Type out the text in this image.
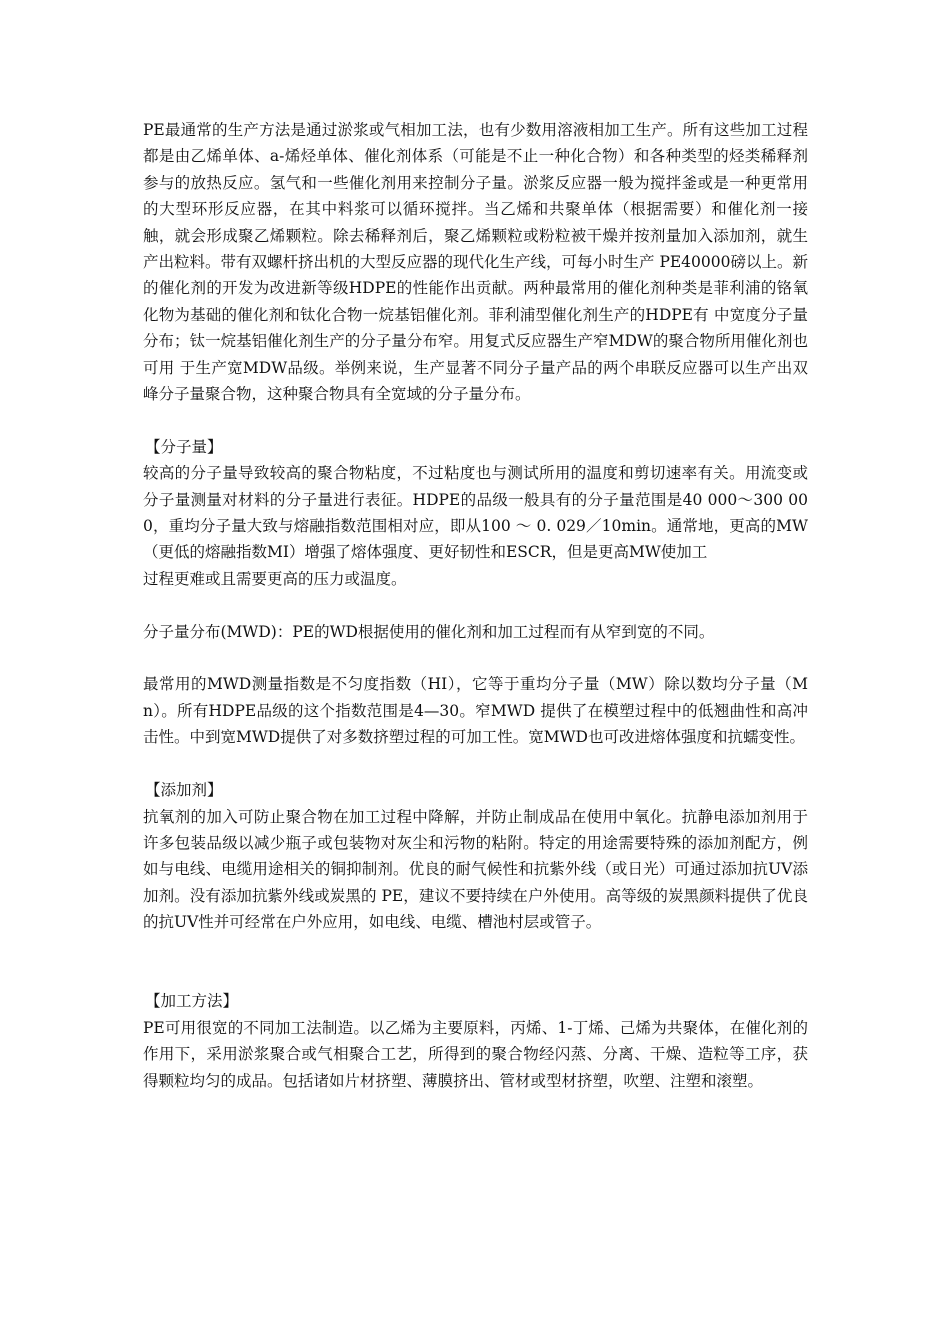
PE最通常的生产方法是通过淤浆或气相加工法，也有少数用溶液相加工生产。所有这些加工过程都是由乙烯单体、a-烯烃单体、催化剂体系（可能是不止一种化合物）和各种类型的烃类稀释剂参与的放热反应。氢气和一些催化剂用来控制分子量。淤浆反应器一般为搅拌釜或是一种更常用的大型环形反应器，在其中料浆可以循环搅拌。当乙烯和共聚单体（根据需要）和催化剂一接触，就会形成聚乙烯颗粒。除去稀释剂后，聚乙烯颗粒或粉粒被干燥并按剂量加入添加剂，就生产出粒料。带有双螺杆挤出机的大型反应器的现代化生产线，可每小时生产 PE40000磅以上。新的催化剂的开发为改进新等级HDPE的性能作出贡献。两种最常用的催化剂种类是菲利浦的铬氧化物为基础的催化剂和钛化合物一烷基铝催化剂。菲利浦型催化剂生产的HDPE有 中宽度分子量分布；钛一烷基铝催化剂生产的分子量分布窄。用复式反应器生产窄MDW的聚合物所用催化剂也可用 于生产宽MDW品级。举例来说，生产显著不同分子量产品的两个串联反应器可以生产出双峰分子量聚合物，这种聚合物具有全宽域的分子量分布。

【分子量】

较高的分子量导致较高的聚合物粘度，不过粘度也与测试所用的温度和剪切速率有关。用流变或分子量测量对材料的分子量进行表征。HDPE的品级一般具有的分子量范围是40 000～300 000，重均分子量大致与熔融指数范围相对应，即从100 ～ 0. 029／10min。通常地，更高的MW（更低的熔融指数MI）增强了熔体强度、更好韧性和ESCR，但是更高MW使加工

过程更难或且需要更高的压力或温度。

分子量分布(MWD)：PE的WD根据使用的催化剂和加工过程而有从窄到宽的不同。

最常用的MWD测量指数是不匀度指数（HI），它等于重均分子量（MW）除以数均分子量（Mn）。所有HDPE品级的这个指数范围是4—30。窄MWD 提供了在模塑过程中的低翘曲性和高冲击性。中到宽MWD提供了对多数挤塑过程的可加工性。宽MWD也可改进熔体强度和抗蠕变性。

【添加剂】

抗氧剂的加入可防止聚合物在加工过程中降解，并防止制成品在使用中氧化。抗静电添加剂用于许多包装品级以减少瓶子或包装物对灰尘和污物的粘附。特定的用途需要特殊的添加剂配方，例如与电线、电缆用途相关的铜抑制剂。优良的耐气候性和抗紫外线（或日光）可通过添加抗UV添加剂。没有添加抗紫外线或炭黑的 PE，建议不要持续在户外使用。高等级的炭黑颜料提供了优良的抗UV性并可经常在户外应用，如电线、电缆、槽池村层或管子。

【加工方法】

PE可用很宽的不同加工法制造。以乙烯为主要原料，丙烯、1-丁烯、己烯为共聚体，在催化剂的作用下，采用淤浆聚合或气相聚合工艺，所得到的聚合物经闪蒸、分离、干燥、造粒等工序，获得颗粒均匀的成品。包括诸如片材挤塑、薄膜挤出、管材或型材挤塑，吹塑、注塑和滚塑。
